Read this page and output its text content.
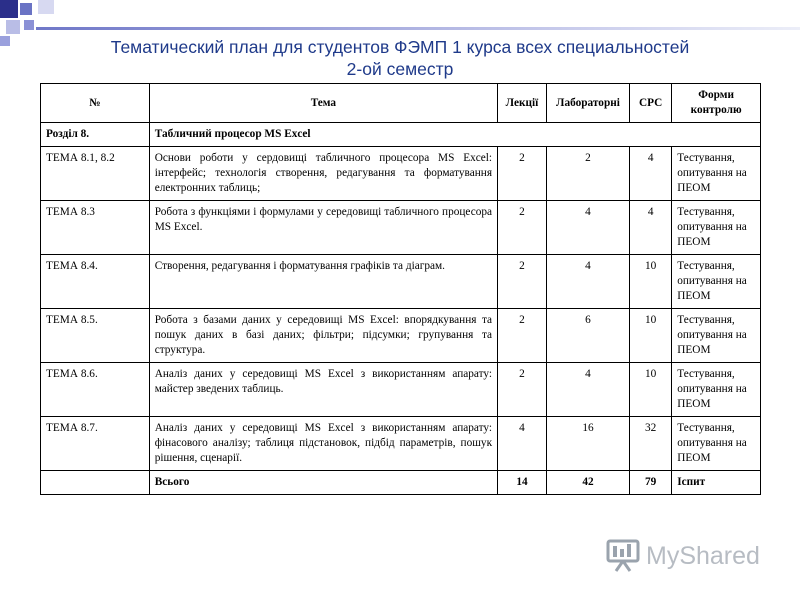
Тематический план для студентов ФЭМП 1 курса всех специальностей
2-ой семестр
№	Тема	Лекції	Лабораторні	СРС	Форми контролю
Розділ 8.	Табличний процесор MS Excel				
ТЕМА 8.1, 8.2	Основи роботи у сердовищі табличного процесора MS Excel: інтерфейс; технологія створення, редагування та форматування електронних таблиць;	2	2	4	Тестування, опитування на ПЕОМ
ТЕМА 8.3	Робота з функціями і формулами у середовищі табличного процесора MS Excel.	2	4	4	Тестування, опитування на ПЕОМ
ТЕМА 8.4.	Створення, редагування і форматування графіків та діаграм.	2	4	10	Тестування, опитування на ПЕОМ
ТЕМА 8.5.	Робота з базами даних у середовищі MS Excel: впорядкування та пошук даних в базі даних; фільтри; підсумки; групування та структура.	2	6	10	Тестування, опитування на ПЕОМ
ТЕМА 8.6.	Аналіз даних у середовищі MS Excel з використанням апарату: майстер зведених таблиць.	2	4	10	Тестування, опитування на ПЕОМ
ТЕМА 8.7.	Аналіз даних у середовищі MS Excel з використанням апарату: фінасового аналізу; таблиця підстановок, підбід параметрів, пошук рішення, сценарії.	4	16	32	Тестування, опитування на ПЕОМ
	Всього	14	42	79	Іспит
MyShared
